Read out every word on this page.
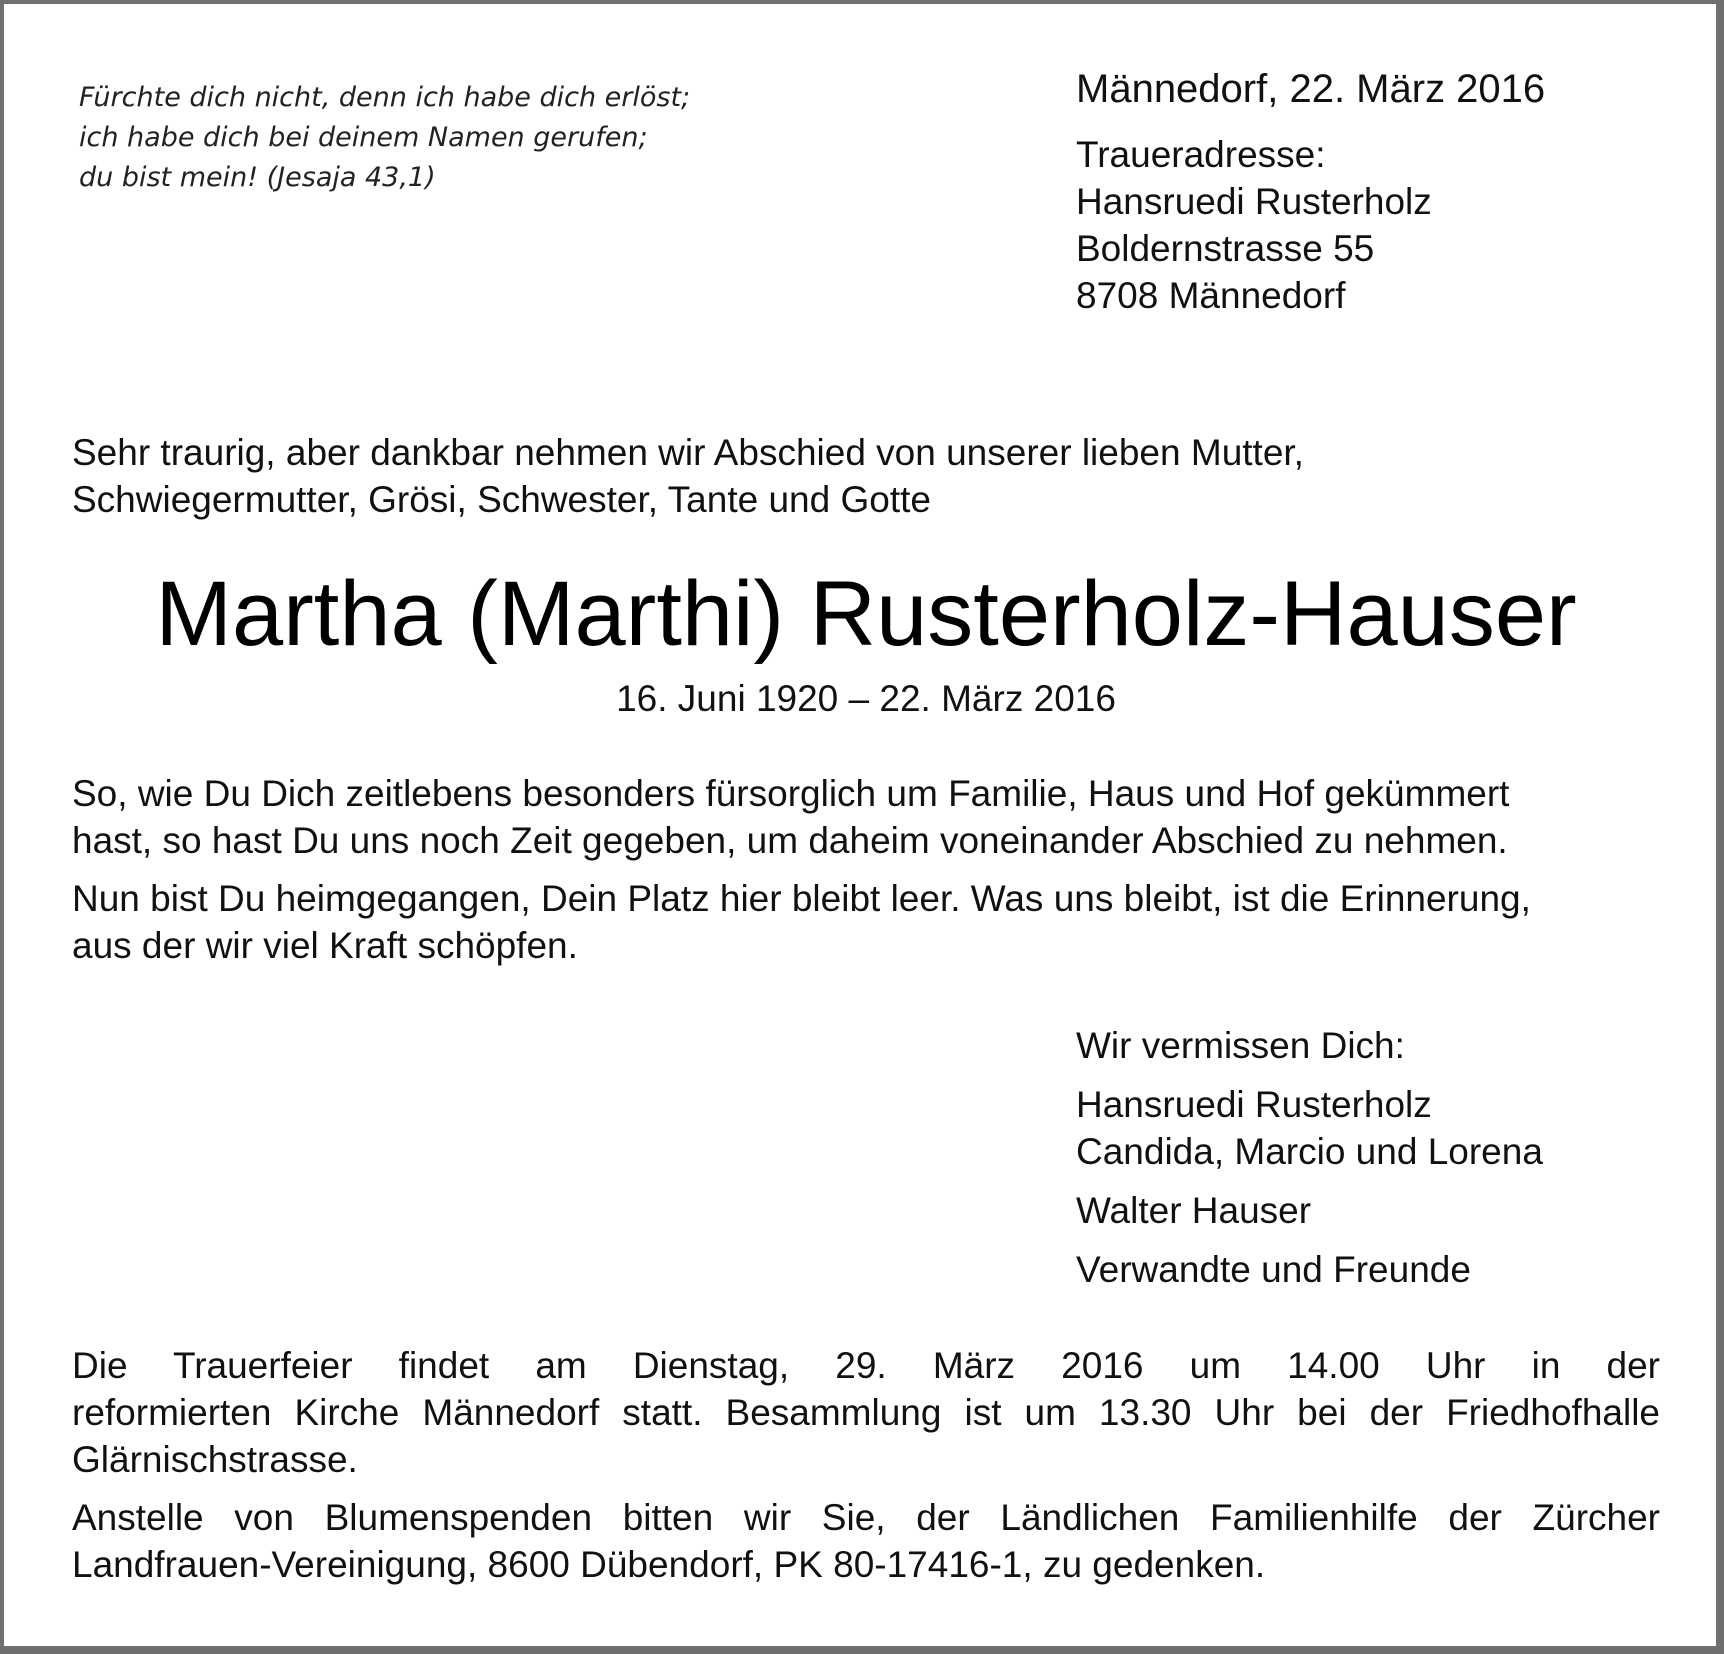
Fürchte dich nicht, denn ich habe dich erlöst;
ich habe dich bei deinem Namen gerufen;
du bist mein! (Jesaja 43,1)
Männedorf, 22. März 2016
Traueradresse:
Hansruedi Rusterholz
Boldernstrasse 55
8708 Männedorf
Sehr traurig, aber dankbar nehmen wir Abschied von unserer lieben Mutter,
Schwiegermutter, Grösi, Schwester, Tante und Gotte
Martha (Marthi) Rusterholz-Hauser
16. Juni 1920 – 22. März 2016
So, wie Du Dich zeitlebens besonders fürsorglich um Familie, Haus und Hof gekümmert
hast, so hast Du uns noch Zeit gegeben, um daheim voneinander Abschied zu nehmen.
Nun bist Du heimgegangen, Dein Platz hier bleibt leer. Was uns bleibt, ist die Erinnerung,
aus der wir viel Kraft schöpfen.
Wir vermissen Dich:
Hansruedi Rusterholz
Candida, Marcio und Lorena
Walter Hauser
Verwandte und Freunde
Die Trauerfeier findet am Dienstag, 29. März 2016 um 14.00 Uhr in der
reformierten Kirche Männedorf statt. Besammlung ist um 13.30 Uhr bei der Friedhofhalle
Glärnischstrasse.
Anstelle von Blumenspenden bitten wir Sie, der Ländlichen Familienhilfe der Zürcher
Landfrauen-Vereinigung, 8600 Dübendorf, PK 80-17416-1, zu gedenken.
